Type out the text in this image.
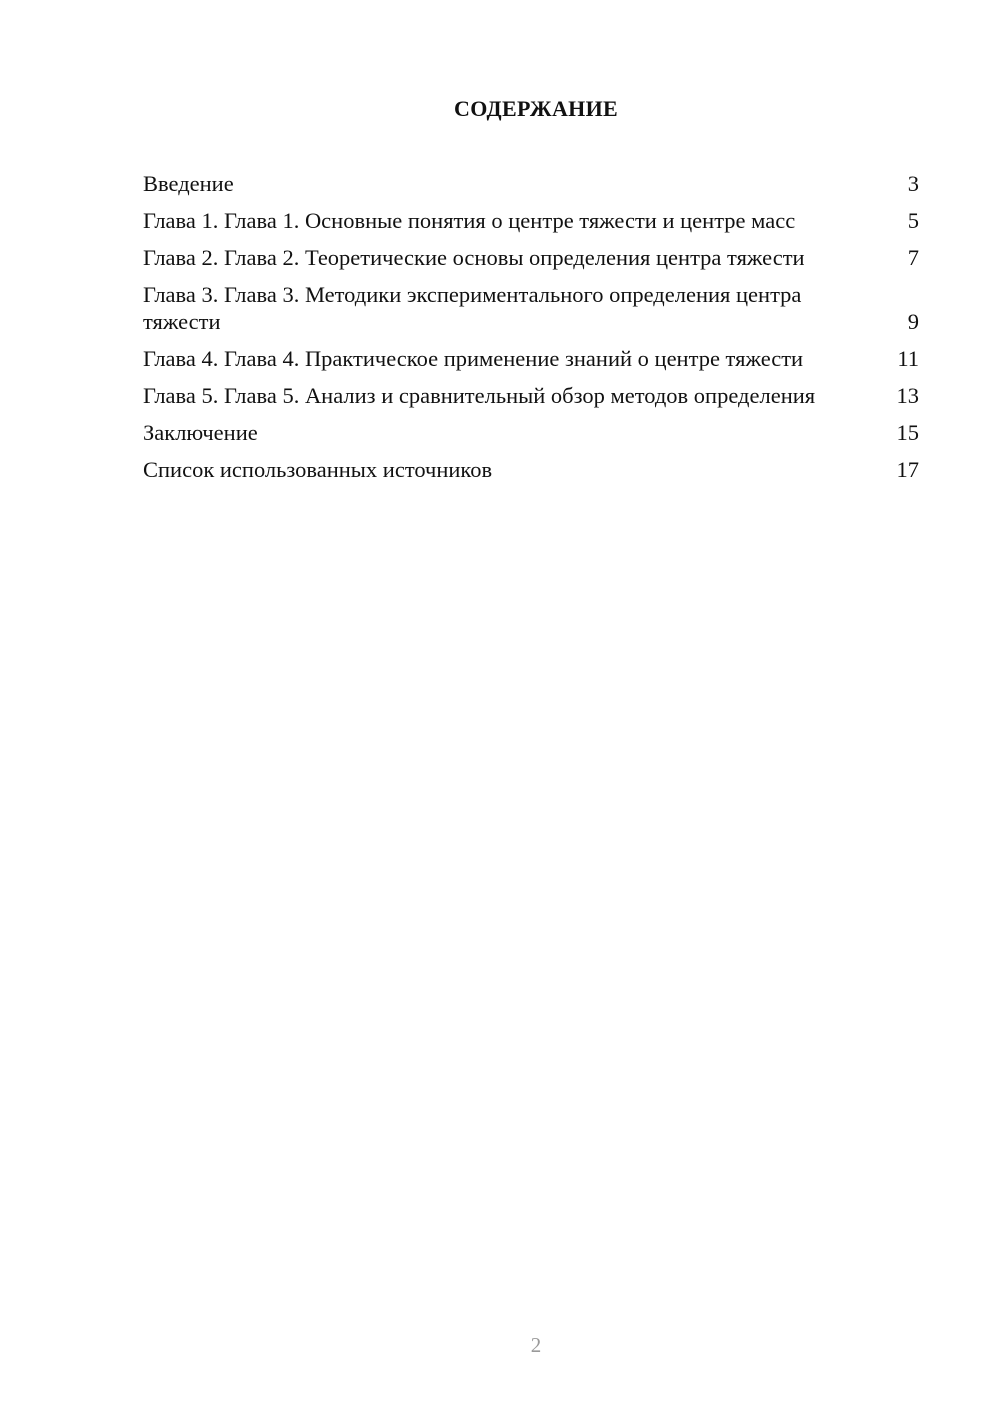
СОДЕРЖАНИЕ
Введение	3
Глава 1. Глава 1. Основные понятия о центре тяжести и центре масс	5
Глава 2. Глава 2. Теоретические основы определения центра тяжести	7
Глава 3. Глава 3. Методики экспериментального определения центра тяжести	9
Глава 4. Глава 4. Практическое применение знаний о центре тяжести	11
Глава 5. Глава 5. Анализ и сравнительный обзор методов определения	13
Заключение	15
Список использованных источников	17
2
